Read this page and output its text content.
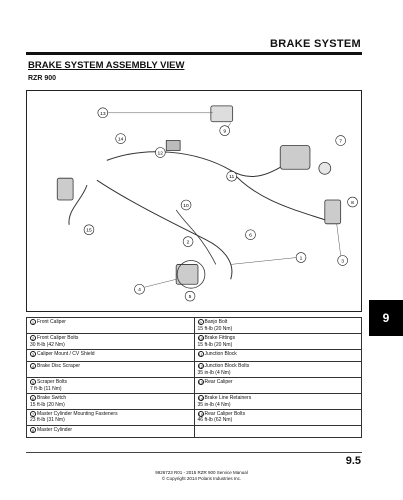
BRAKE SYSTEM
BRAKE SYSTEM ASSEMBLY VIEW
RZR 900
13
9
7
14
12
11
10
8
15
6
2
1
3
4
5
1 Front Caliper	9 Banjo Bolt
15 ft-lb (20 Nm)

2 Front Caliper Bolts
30 ft-lb (42 Nm)	10 Brake Fittings
15 ft-lb (20 Nm)

3 Caliper Mount / CV Shield	11 Junction Block
4 Brake Disc Scraper	12 Junction Block Bolts
35 in-lb (4 Nm)

5 Scraper Bolts
7 ft-lb (11 Nm)	13 Rear Caliper
6 Brake Switch
15 ft-lb (20 Nm)	14 Brake Line Retainers
35 in-lb (4 Nm)

7 Master Cylinder Mounting Fasteners
23 ft-lb (31 Nm)	15 Rear Caliper Bolts
46 ft-lb (62 Nm)

8 Master Cylinder	
9
9.5
9926723 R01 - 2015 RZR 900 Service Manual
© Copyright 2014 Polaris Industries Inc.
